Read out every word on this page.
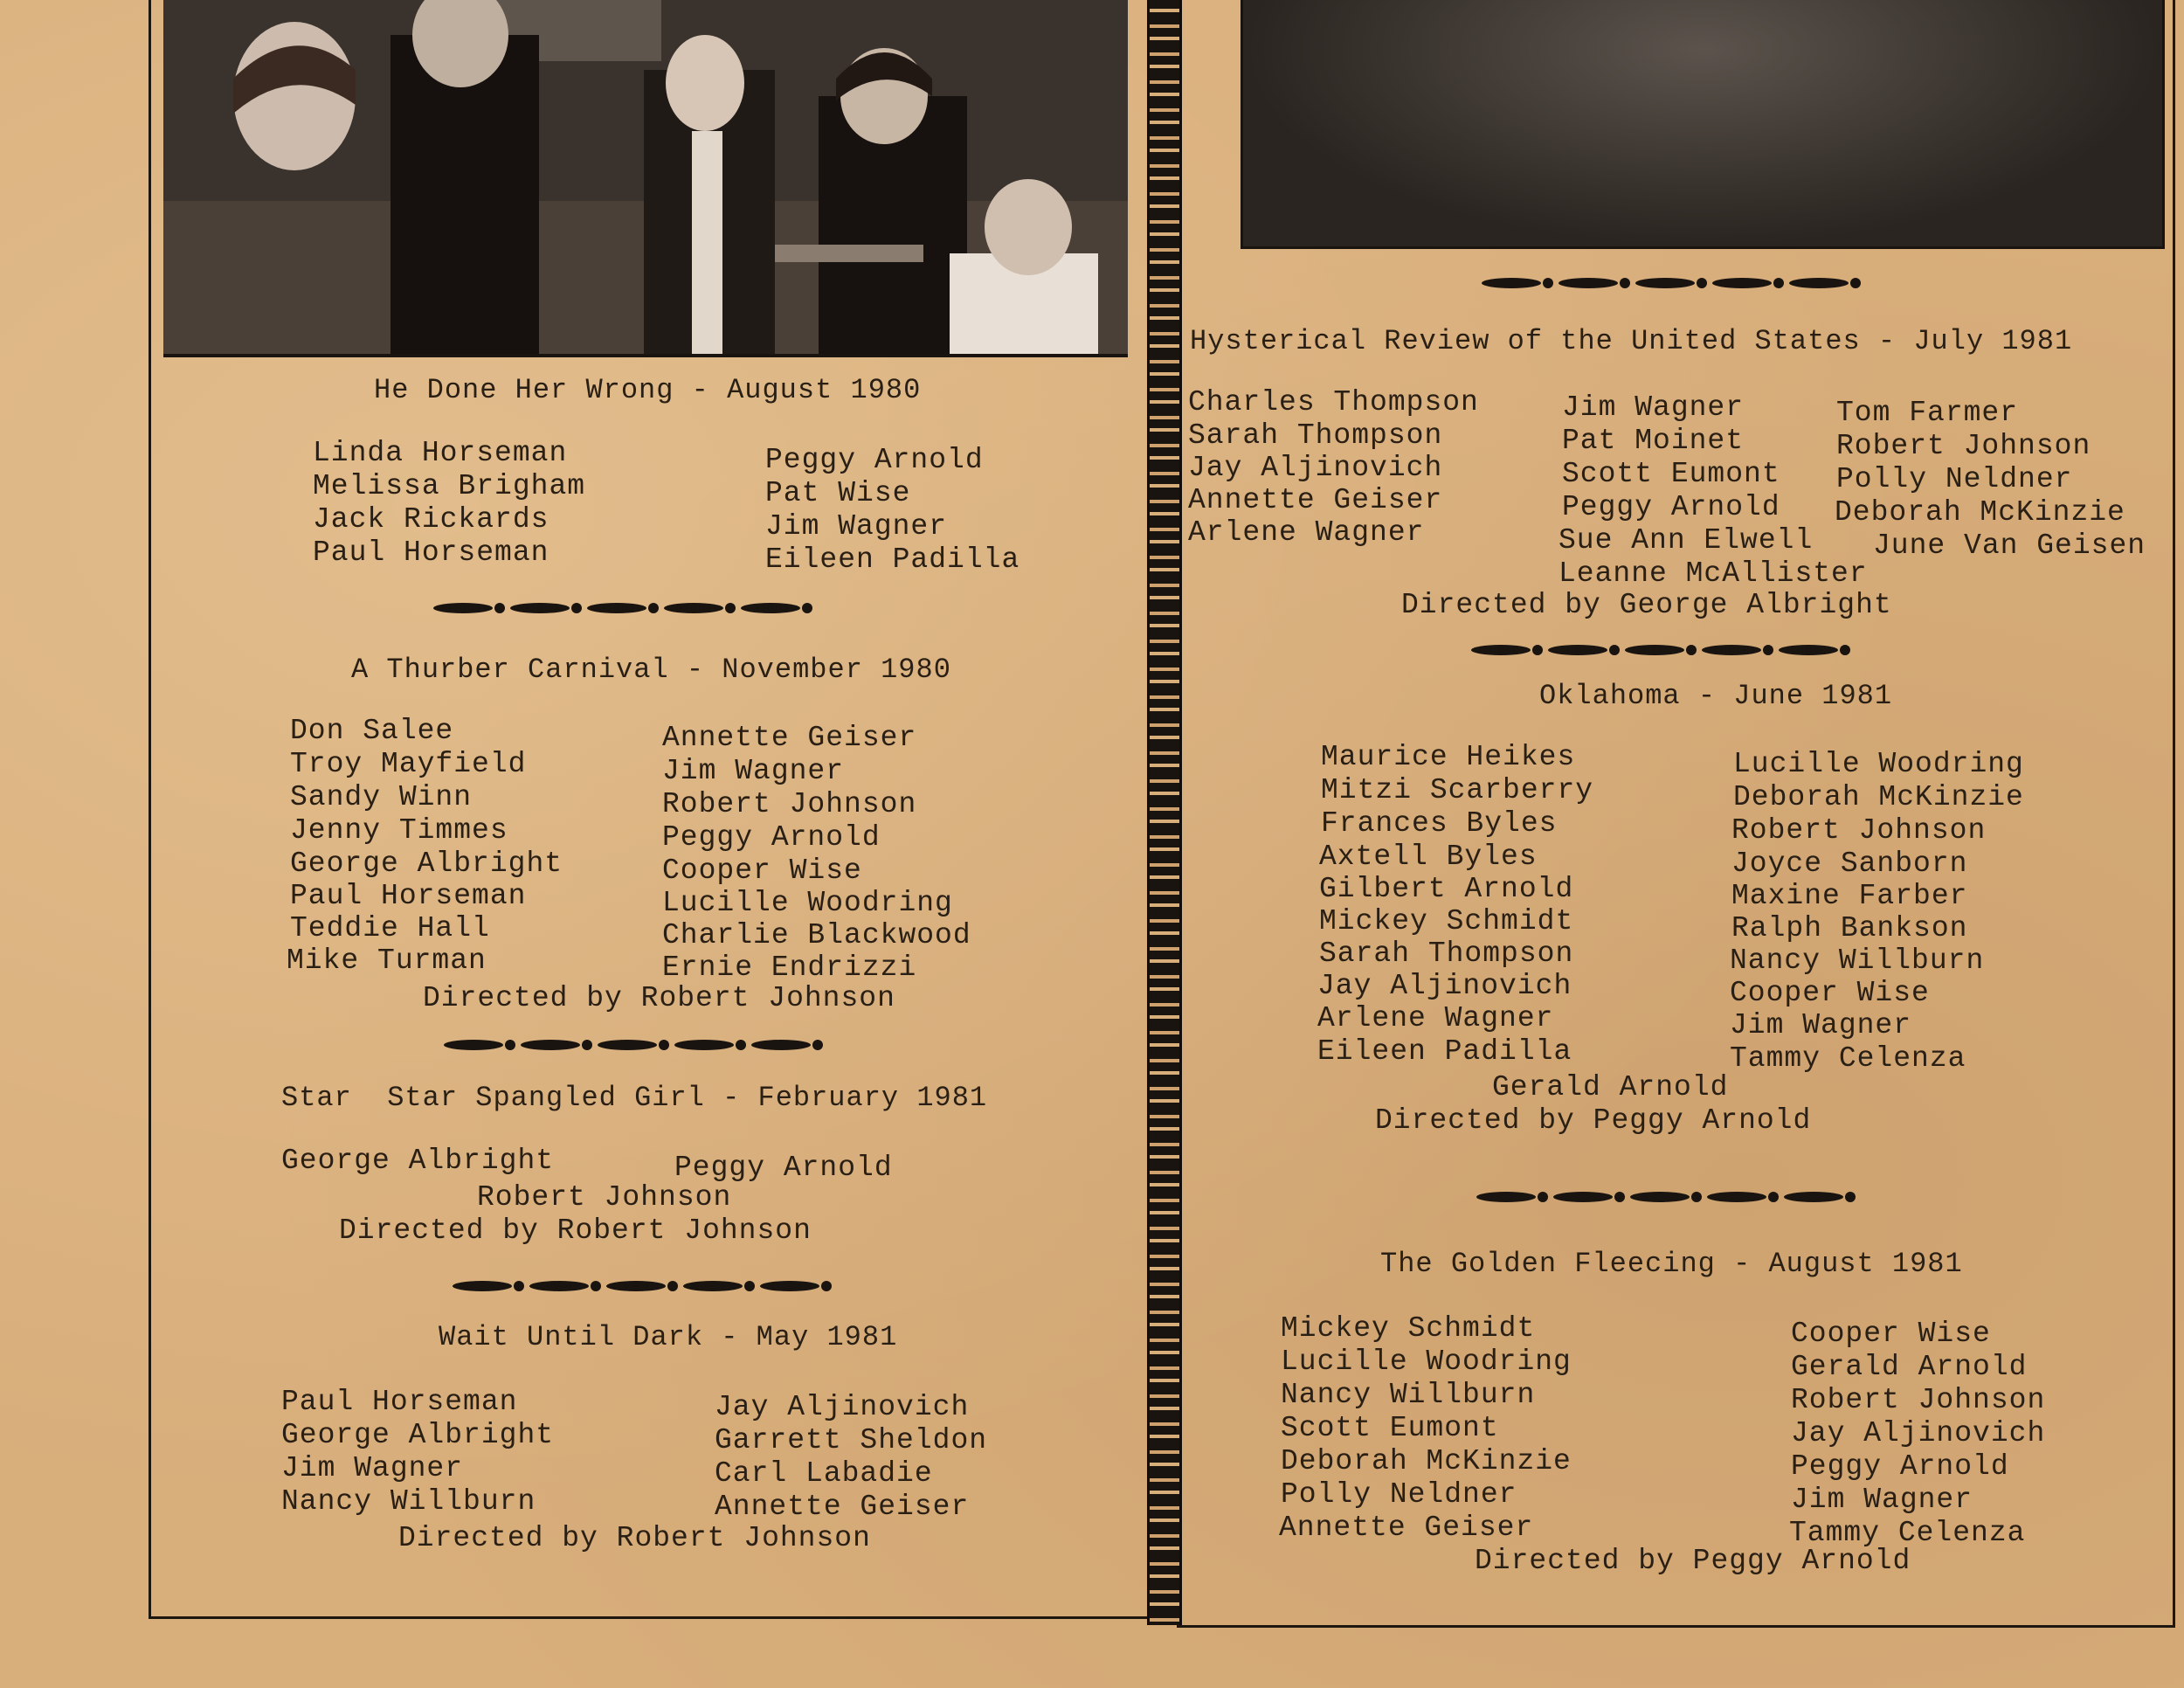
He Done Her Wrong - August 1980
Linda Horseman
Melissa Brigham
Jack Rickards
Paul Horseman
Peggy Arnold
Pat Wise
Jim Wagner
Eileen Padilla
A Thurber Carnival - November 1980
Don Salee
Troy Mayfield
Sandy Winn
Jenny Timmes
George Albright
Paul Horseman
Teddie Hall
Mike Turman
Annette Geiser
Jim Wagner
Robert Johnson
Peggy Arnold
Cooper Wise
Lucille Woodring
Charlie Blackwood
Ernie Endrizzi
Directed by Robert Johnson
Star  Star Spangled Girl - February 1981
George Albright	Peggy Arnold
Robert Johnson
Directed by Robert Johnson
Wait Until Dark - May 1981
Paul Horseman
George Albright
Jim Wagner
Nancy Willburn
Jay Aljinovich
Garrett Sheldon
Carl Labadie
Annette Geiser
Directed by Robert Johnson
Hysterical Review of the United States - July 1981
Charles Thompson
Sarah Thompson
Jay Aljinovich
Annette Geiser
Arlene Wagner
Jim Wagner
Pat Moinet
Scott Eumont
Peggy Arnold
Sue Ann Elwell
Leanne McAllister
Tom Farmer
Robert Johnson
Polly Neldner
Deborah McKinzie
June Van Geisen
Directed by George Albright
Oklahoma - June 1981
Maurice Heikes
Mitzi Scarberry
Frances Byles
Axtell Byles
Gilbert Arnold
Mickey Schmidt
Sarah Thompson
Jay Aljinovich
Arlene Wagner
Eileen Padilla
Lucille Woodring
Deborah McKinzie
Robert Johnson
Joyce Sanborn
Maxine Farber
Ralph Bankson
Nancy Willburn
Cooper Wise
Jim Wagner
Tammy Celenza
Gerald Arnold
Directed by Peggy Arnold
The Golden Fleecing - August 1981
Mickey Schmidt
Lucille Woodring
Nancy Willburn
Scott Eumont
Deborah McKinzie
Polly Neldner
Annette Geiser
Cooper Wise
Gerald Arnold
Robert Johnson
Jay Aljinovich
Peggy Arnold
Jim Wagner
Tammy Celenza
Directed by Peggy Arnold
